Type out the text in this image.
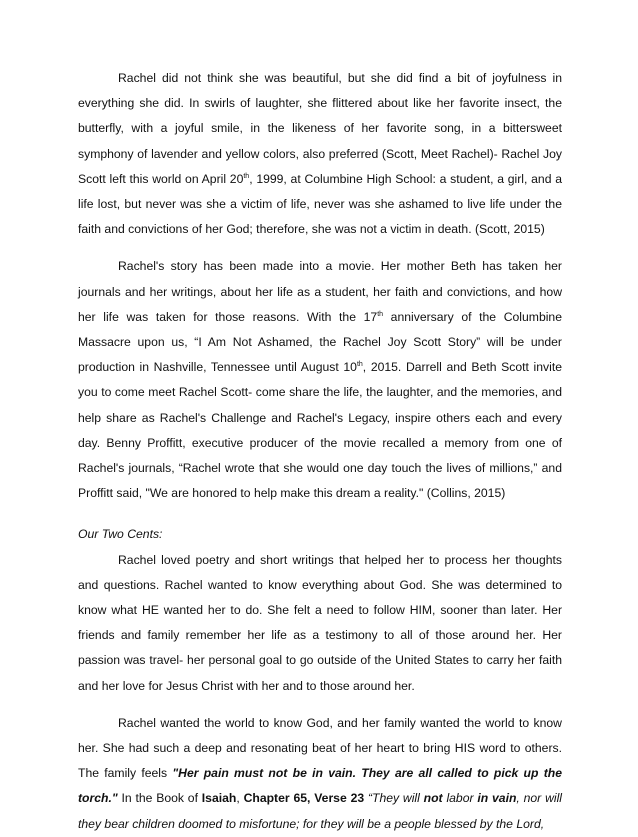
Rachel did not think she was beautiful, but she did find a bit of joyfulness in everything she did. In swirls of laughter, she flittered about like her favorite insect, the butterfly, with a joyful smile, in the likeness of her favorite song, in a bittersweet symphony of lavender and yellow colors, also preferred (Scott, Meet Rachel)- Rachel Joy Scott left this world on April 20th, 1999, at Columbine High School: a student, a girl, and a life lost, but never was she a victim of life, never was she ashamed to live life under the faith and convictions of her God; therefore, she was not a victim in death. (Scott, 2015)

Rachel's story has been made into a movie. Her mother Beth has taken her journals and her writings, about her life as a student, her faith and convictions, and how her life was taken for those reasons. With the 17th anniversary of the Columbine Massacre upon us, “I Am Not Ashamed, the Rachel Joy Scott Story” will be under production in Nashville, Tennessee until August 10th, 2015. Darrell and Beth Scott invite you to come meet Rachel Scott- come share the life, the laughter, and the memories, and help share as Rachel's Challenge and Rachel's Legacy, inspire others each and every day. Benny Proffitt, executive producer of the movie recalled a memory from one of Rachel's journals, “Rachel wrote that she would one day touch the lives of millions,” and Proffitt said, "We are honored to help make this dream a reality." (Collins, 2015)

Our Two Cents:

Rachel loved poetry and short writings that helped her to process her thoughts and questions. Rachel wanted to know everything about God. She was determined to know what HE wanted her to do. She felt a need to follow HIM, sooner than later. Her friends and family remember her life as a testimony to all of those around her. Her passion was travel- her personal goal to go outside of the United States to carry her faith and her love for Jesus Christ with her and to those around her.

Rachel wanted the world to know God, and her family wanted the world to know her. She had such a deep and resonating beat of her heart to bring HIS word to others. The family feels "Her pain must not be in vain. They are all called to pick up the torch." In the Book of Isaiah, Chapter 65, Verse 23 “They will not labor in vain, nor will they bear children doomed to misfortune; for they will be a people blessed by the Lord,
